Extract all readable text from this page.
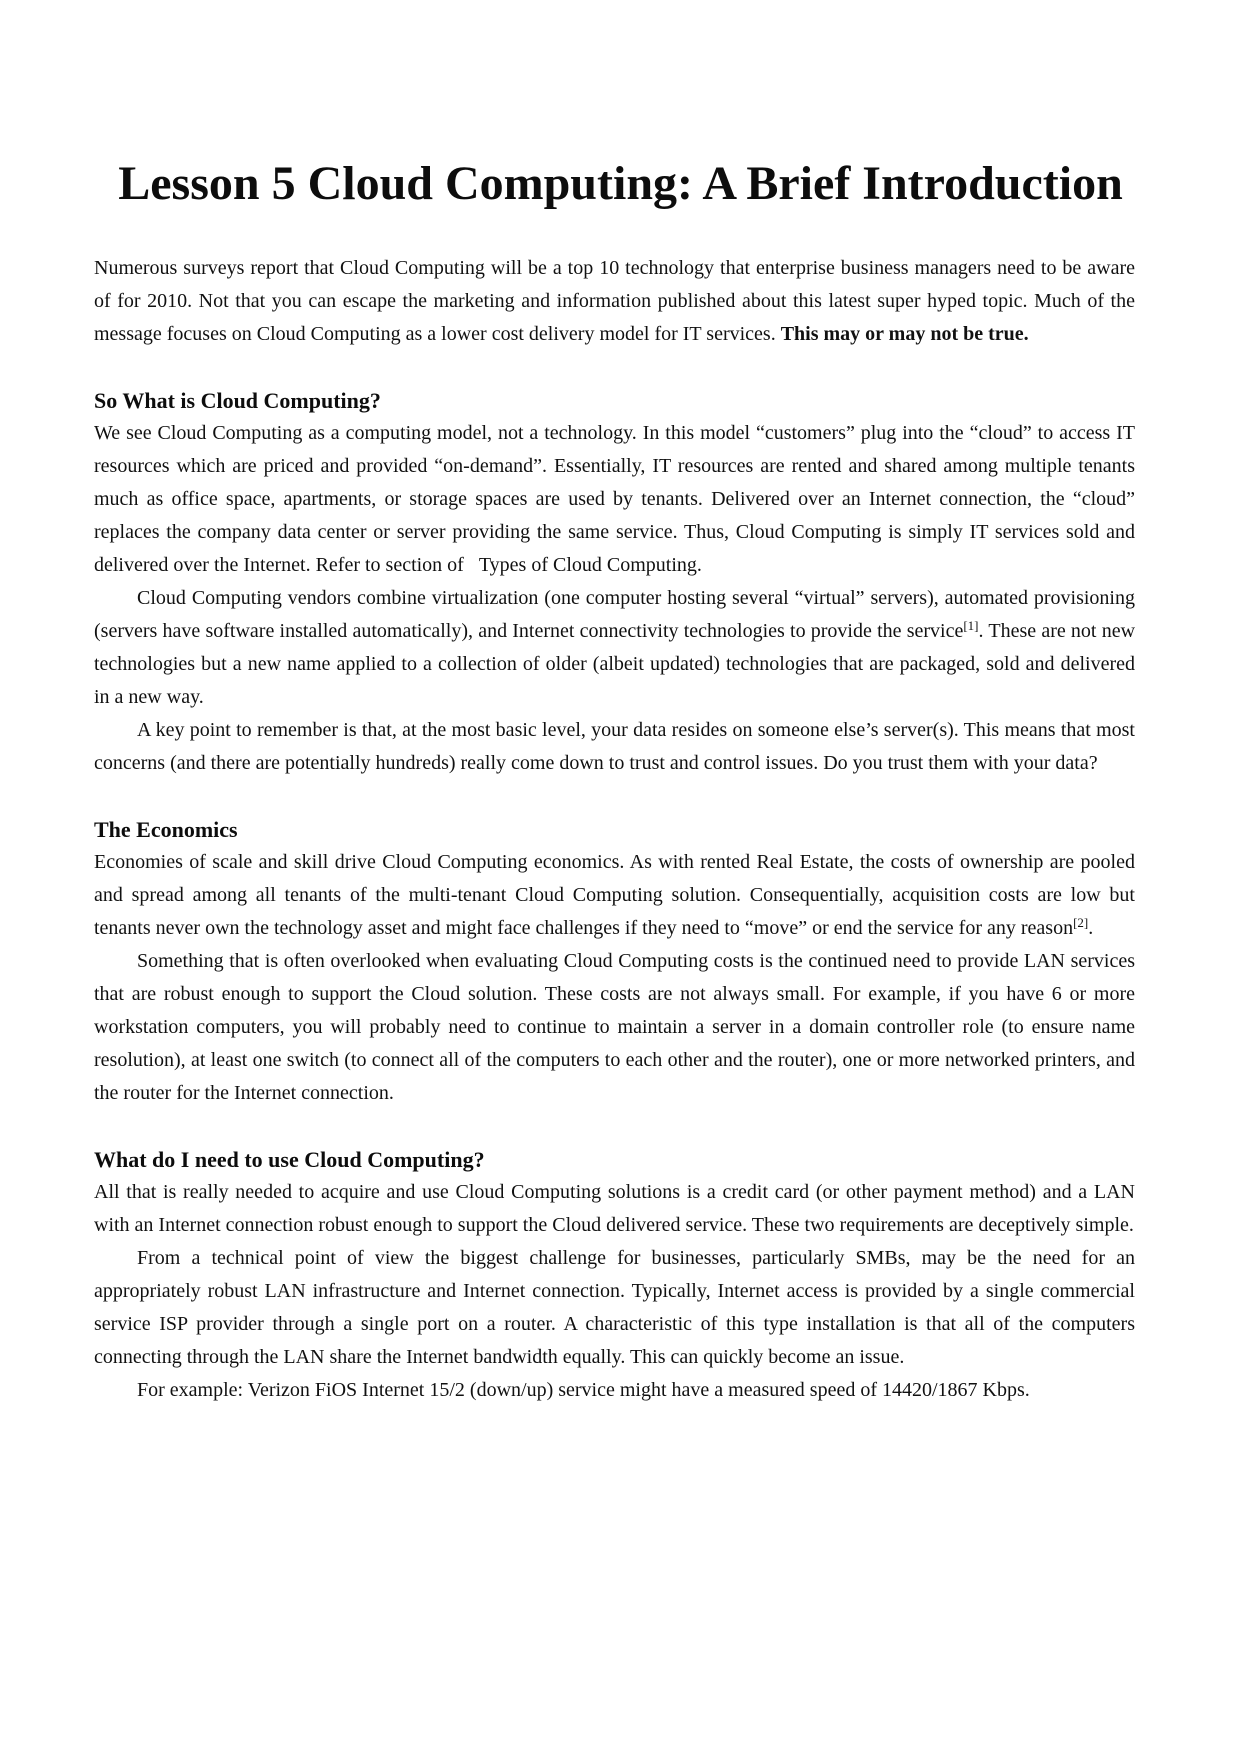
Lesson 5 Cloud Computing: A Brief Introduction

Numerous surveys report that Cloud Computing will be a top 10 technology that enterprise business managers need to be aware of for 2010. Not that you can escape the marketing and information published about this latest super hyped topic. Much of the message focuses on Cloud Computing as a lower cost delivery model for IT services. This may or may not be true.

So What is Cloud Computing?

We see Cloud Computing as a computing model, not a technology. In this model “customers” plug into the “cloud” to access IT resources which are priced and provided “on-demand”. Essentially, IT resources are rented and shared among multiple tenants much as office space, apartments, or storage spaces are used by tenants. Delivered over an Internet connection, the “cloud” replaces the company data center or server providing the same service. Thus, Cloud Computing is simply IT services sold and delivered over the Internet. Refer to section of   Types of Cloud Computing.

Cloud Computing vendors combine virtualization (one computer hosting several “virtual” servers), automated provisioning (servers have software installed automatically), and Internet connectivity technologies to provide the service[1]. These are not new technologies but a new name applied to a collection of older (albeit updated) technologies that are packaged, sold and delivered in a new way.

A key point to remember is that, at the most basic level, your data resides on someone else’s server(s). This means that most concerns (and there are potentially hundreds) really come down to trust and control issues. Do you trust them with your data?

The Economics

Economies of scale and skill drive Cloud Computing economics. As with rented Real Estate, the costs of ownership are pooled and spread among all tenants of the multi-tenant Cloud Computing solution. Consequentially, acquisition costs are low but tenants never own the technology asset and might face challenges if they need to “move” or end the service for any reason[2].

Something that is often overlooked when evaluating Cloud Computing costs is the continued need to provide LAN services that are robust enough to support the Cloud solution. These costs are not always small. For example, if you have 6 or more workstation computers, you will probably need to continue to maintain a server in a domain controller role (to ensure name resolution), at least one switch (to connect all of the computers to each other and the router), one or more networked printers, and the router for the Internet connection.

What do I need to use Cloud Computing?

All that is really needed to acquire and use Cloud Computing solutions is a credit card (or other payment method) and a LAN with an Internet connection robust enough to support the Cloud delivered service. These two requirements are deceptively simple.

From a technical point of view the biggest challenge for businesses, particularly SMBs, may be the need for an appropriately robust LAN infrastructure and Internet connection. Typically, Internet access is provided by a single commercial service ISP provider through a single port on a router. A characteristic of this type installation is that all of the computers connecting through the LAN share the Internet bandwidth equally. This can quickly become an issue.

For example: Verizon FiOS Internet 15/2 (down/up) service might have a measured speed of 14420/1867 Kbps.
